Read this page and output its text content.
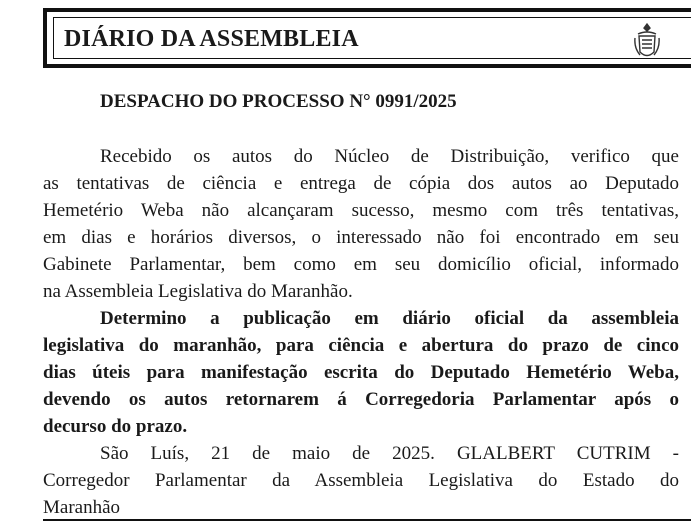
DIÁRIO DA ASSEMBLEIA
DESPACHO DO PROCESSO N° 0991/2025
Recebido os autos do Núcleo de Distribuição, verifico que
as tentativas de ciência e entrega de cópia dos autos ao Deputado
Hemetério Weba não alcançaram sucesso, mesmo com três tentativas,
em dias e horários diversos, o interessado não foi encontrado em seu
Gabinete Parlamentar, bem como em seu domicílio oficial, informado
na Assembleia Legislativa do Maranhão.
Determino a publicação em diário oficial da assembleia
legislativa do maranhão, para ciência e abertura do prazo de cinco
dias úteis para manifestação escrita do Deputado Hemetério Weba,
devendo os autos retornarem á Corregedoria Parlamentar após o
decurso do prazo.
São Luís, 21 de maio de 2025. GLALBERT CUTRIM -
Corregedor Parlamentar da Assembleia Legislativa do Estado do
Maranhão
